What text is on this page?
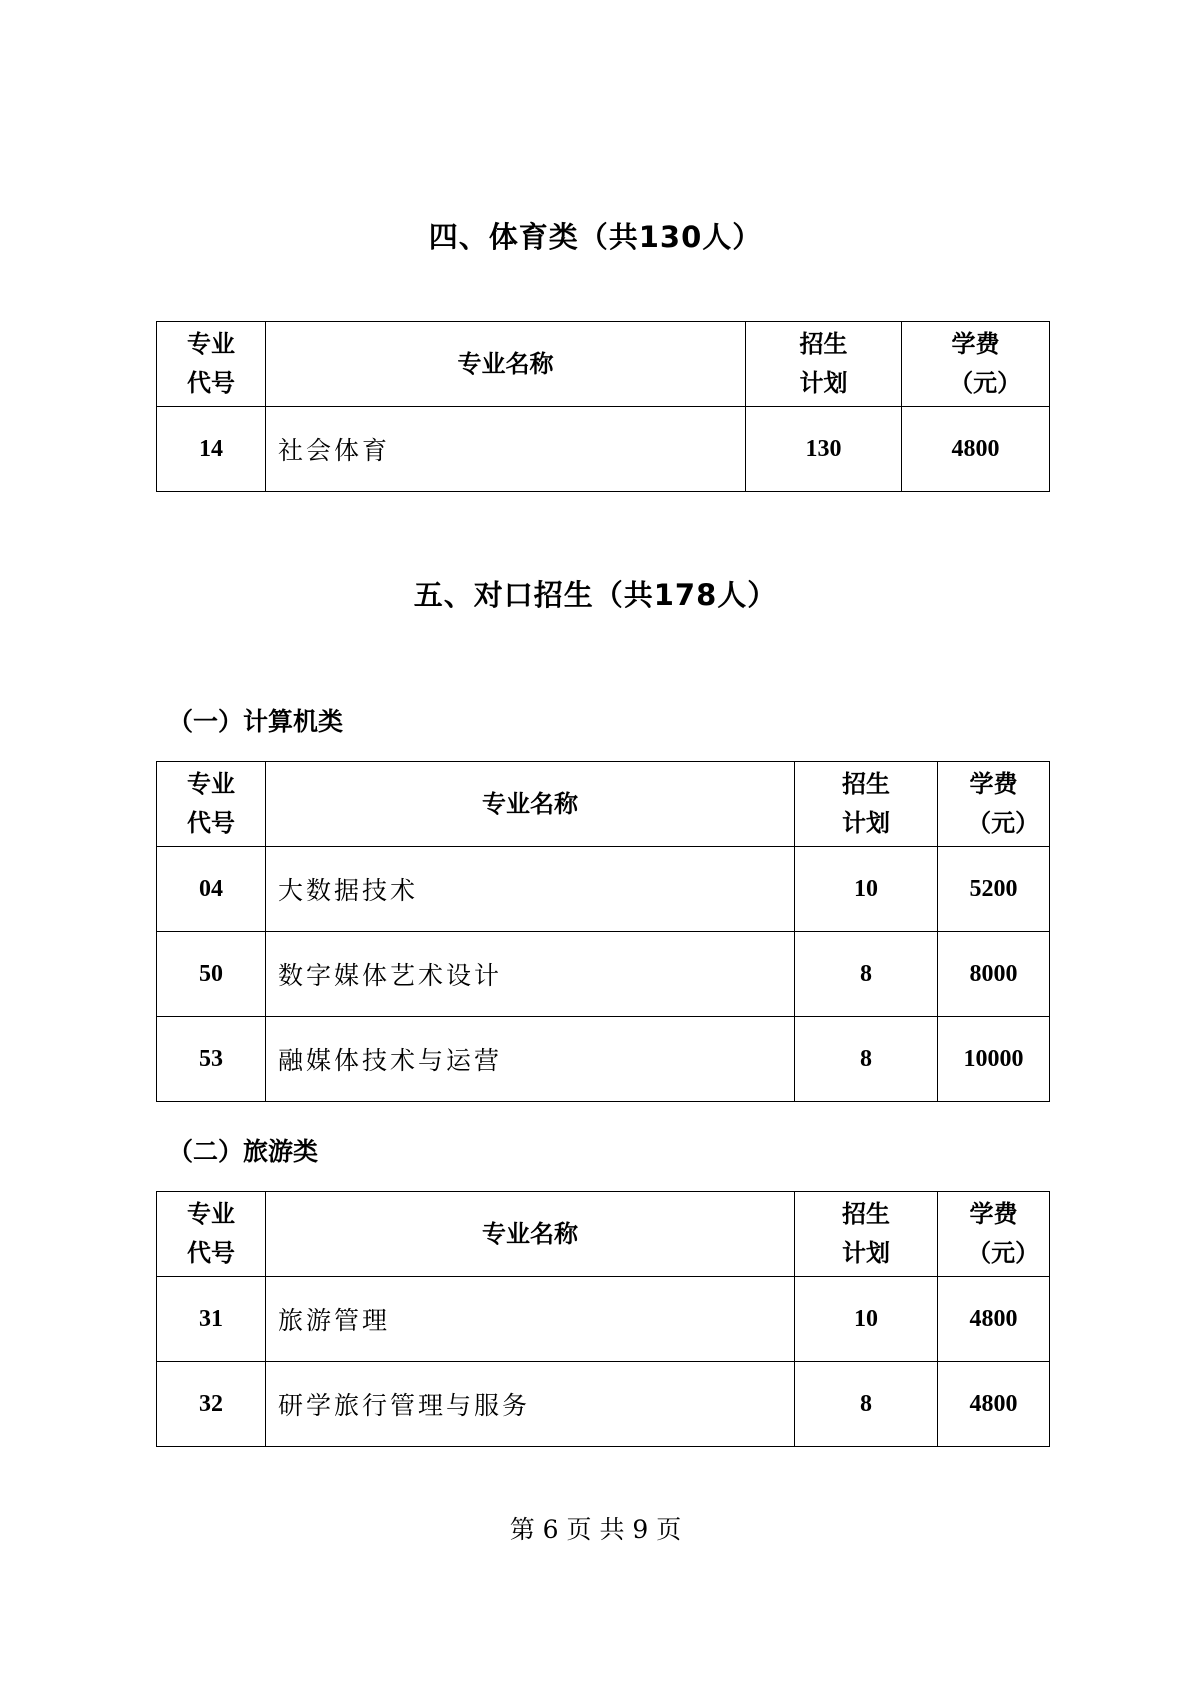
四、体育类（共130人）
专业代号	专业名称	招生计划	学费（元）
14	社会体育	130	4800
五、对口招生（共178人）
（一）计算机类
专业代号	专业名称	招生计划	学费（元）
04	大数据技术	10	5200
50	数字媒体艺术设计	8	8000
53	融媒体技术与运营	8	10000
（二）旅游类
专业代号	专业名称	招生计划	学费（元）
31	旅游管理	10	4800
32	研学旅行管理与服务	8	4800
第 6 页 共 9 页
